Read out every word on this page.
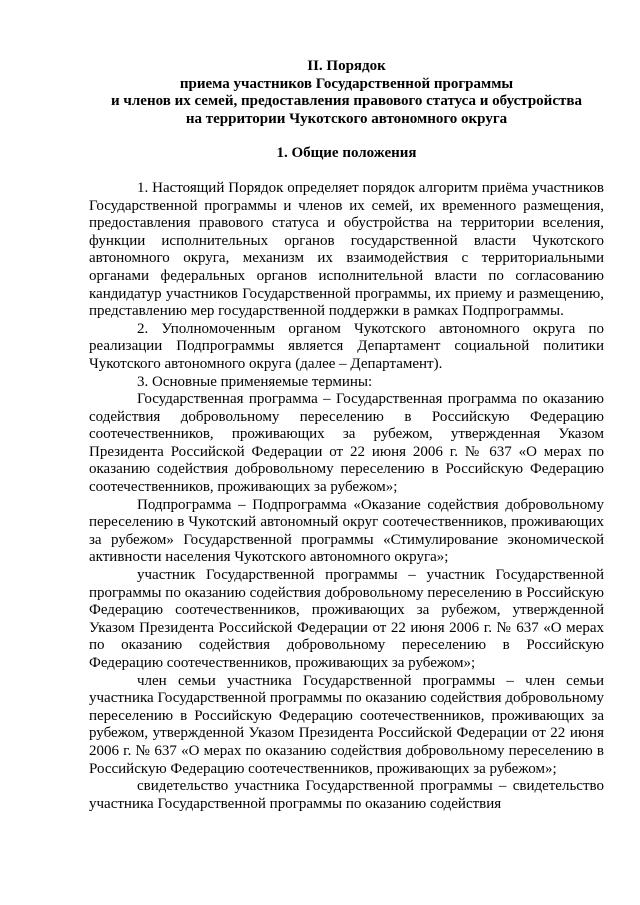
II. Порядок
приема участников Государственной программы
и членов их семей, предоставления правового статуса и обустройства
на территории Чукотского автономного округа
1. Общие положения

1. Настоящий Порядок определяет порядок алгоритм приёма участников Государственной программы и членов их семей, их временного размещения, предоставления правового статуса и обустройства на территории вселения, функции исполнительных органов государственной власти Чукотского автономного округа, механизм их взаимодействия с территориальными органами федеральных органов исполнительной власти по согласованию кандидатур участников Государственной программы, их приему и размещению, представлению мер государственной поддержки в рамках Подпрограммы.

2. Уполномоченным органом Чукотского автономного округа по реализации Подпрограммы является Департамент социальной политики Чукотского автономного округа (далее – Департамент).

3. Основные применяемые термины:

Государственная программа – Государственная программа по оказанию содействия добровольному переселению в Российскую Федерацию соотечественников, проживающих за рубежом, утвержденная Указом Президента Российской Федерации от 22 июня 2006 г. № 637 «О мерах по оказанию содействия добровольному переселению в Российскую Федерацию соотечественников, проживающих за рубежом»;

Подпрограмма – Подпрограмма «Оказание содействия добровольному переселению в Чукотский автономный округ соотечественников, проживающих за рубежом» Государственной программы «Стимулирование экономической активности населения Чукотского автономного округа»;

участник Государственной программы – участник Государственной программы по оказанию содействия добровольному переселению в Российскую Федерацию соотечественников, проживающих за рубежом, утвержденной Указом Президента Российской Федерации от 22 июня 2006 г. № 637 «О мерах по оказанию содействия добровольному переселению в Российскую Федерацию соотечественников, проживающих за рубежом»;

член семьи участника Государственной программы – член семьи участника Государственной программы по оказанию содействия добровольному переселению в Российскую Федерацию соотечественников, проживающих за рубежом, утвержденной Указом Президента Российской Федерации от 22 июня 2006 г. № 637 «О мерах по оказанию содействия добровольному переселению в Российскую Федерацию соотечественников, проживающих за рубежом»;

свидетельство участника Государственной программы – свидетельство участника Государственной программы по оказанию содействия
